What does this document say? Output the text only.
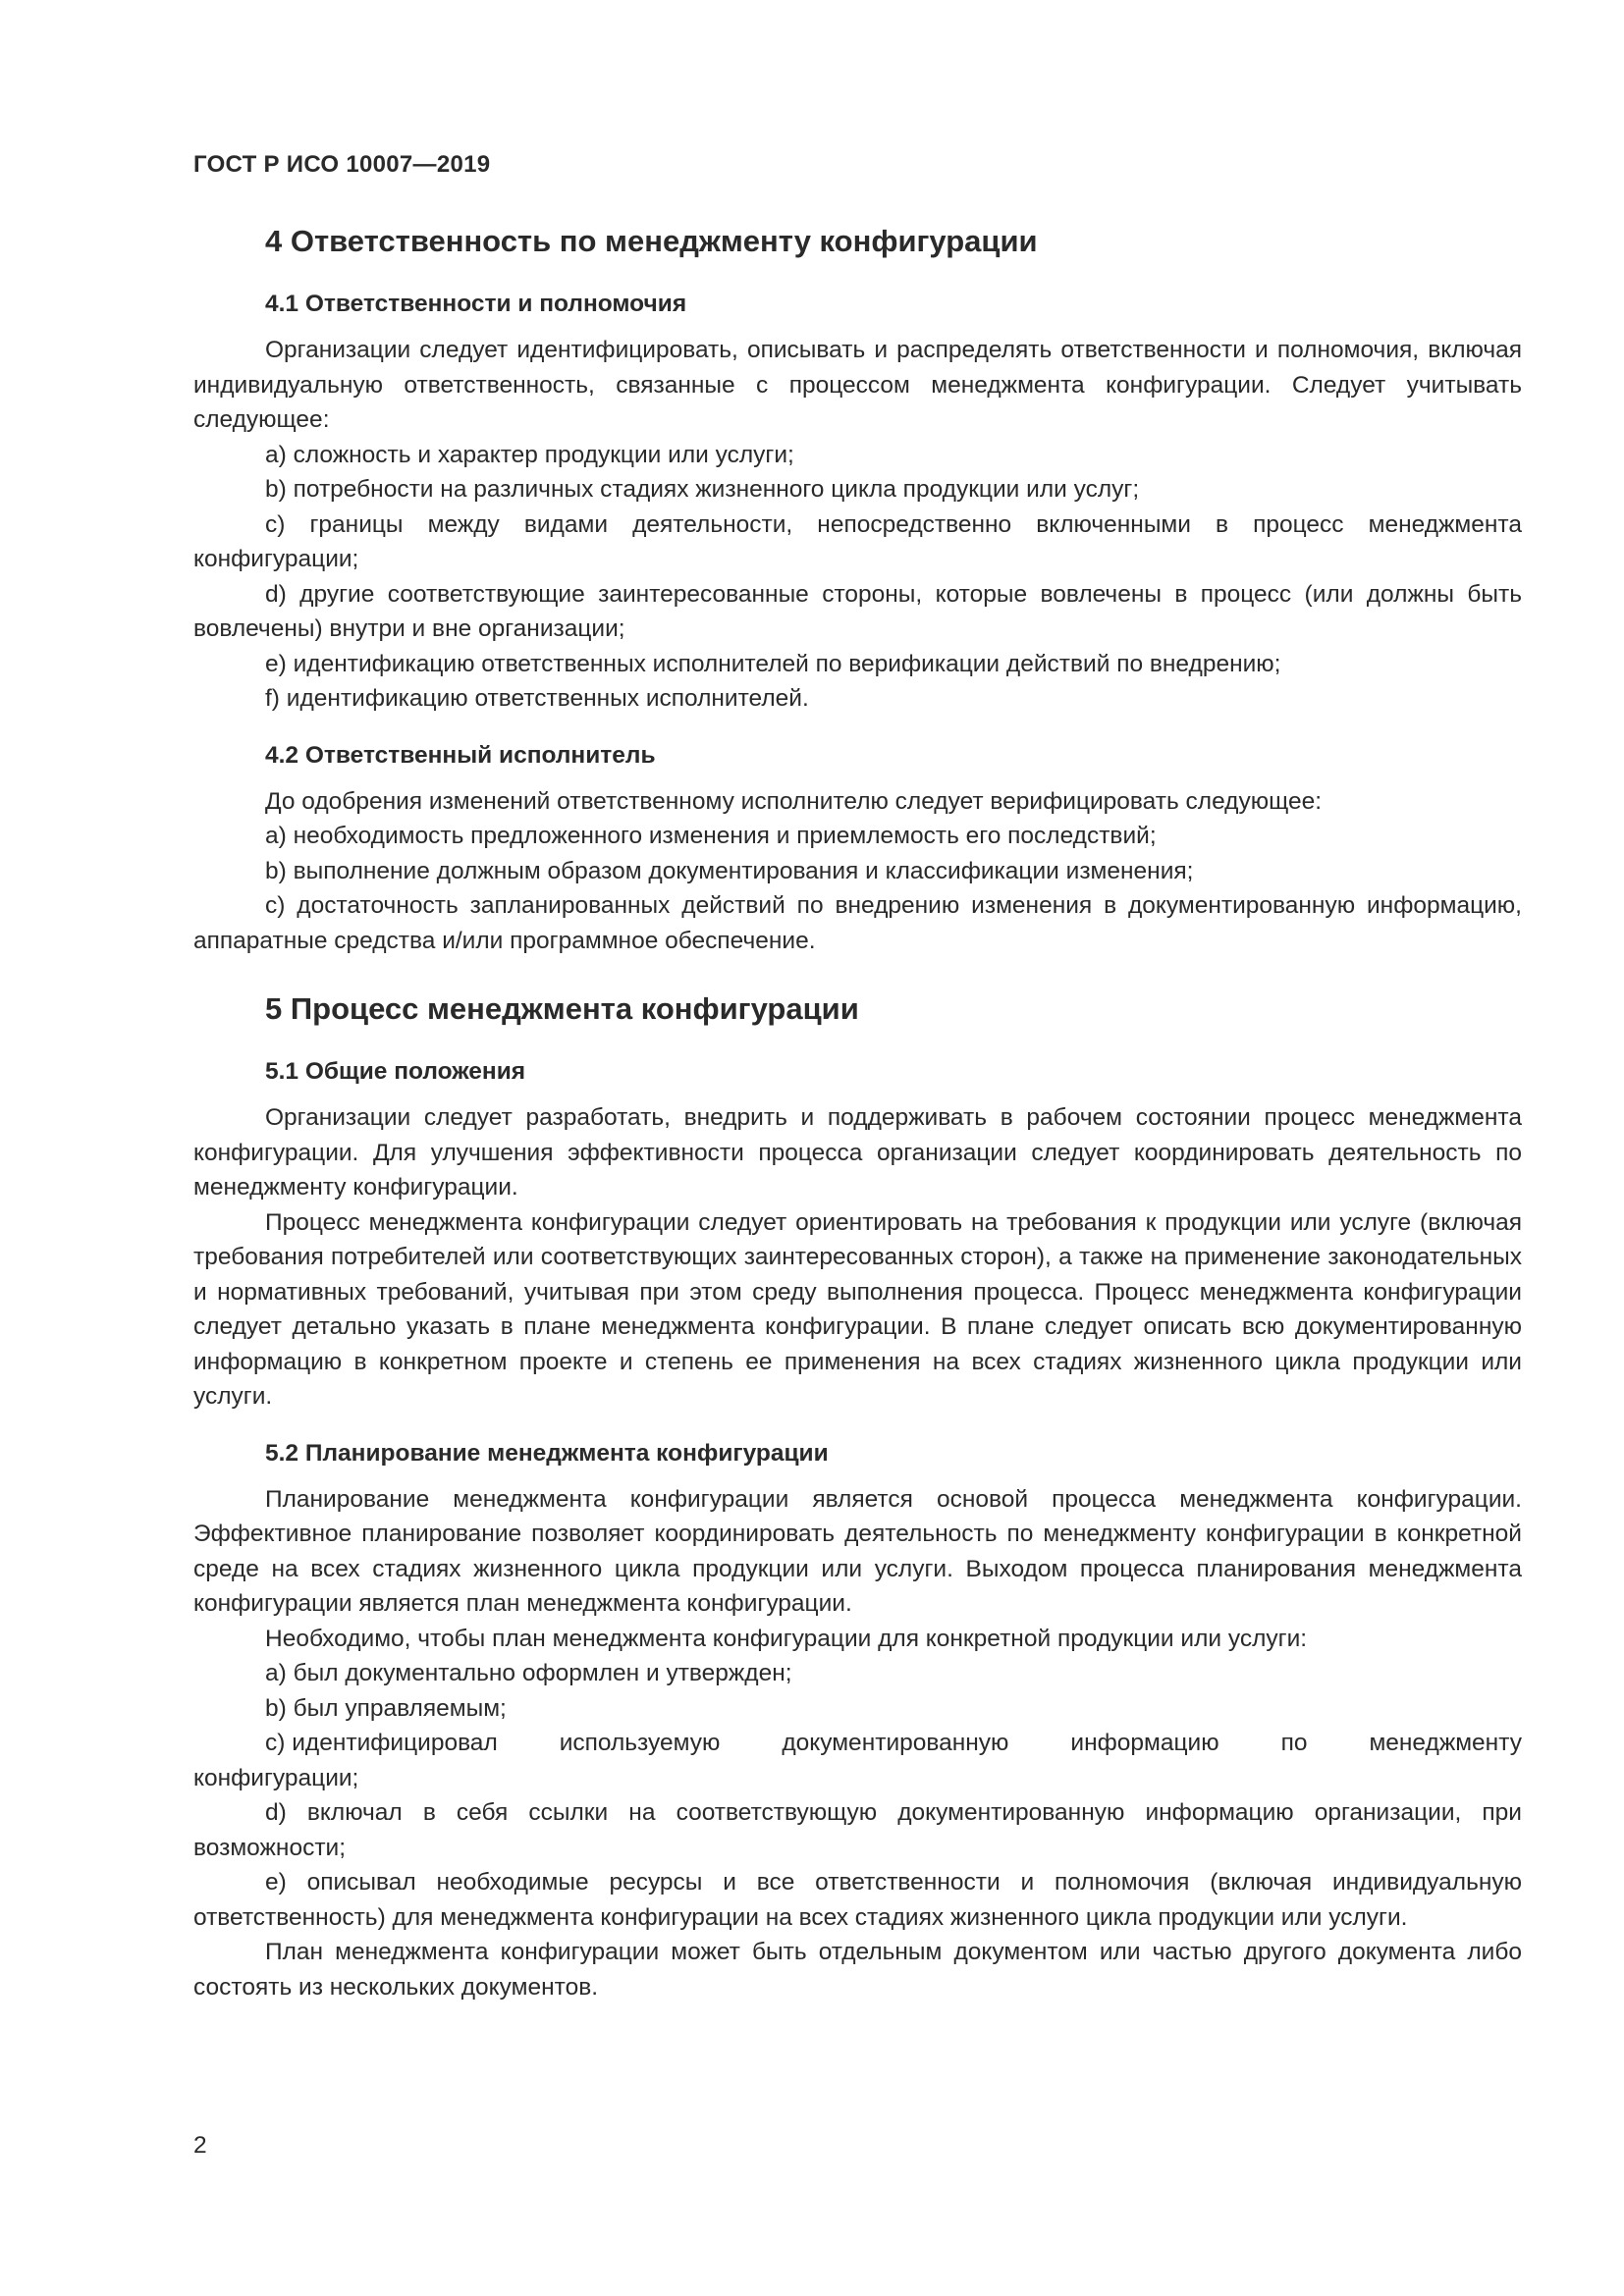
ГОСТ Р ИСО 10007—2019
4 Ответственность по менеджменту конфигурации
4.1 Ответственности и полномочия

Организации следует идентифицировать, описывать и распределять ответственности и полномочия, включая индивидуальную ответственность, связанные с процессом менеджмента конфигурации. Следует учитывать следующее:

a) сложность и характер продукции или услуги;

b) потребности на различных стадиях жизненного цикла продукции или услуг;

c) границы между видами деятельности, непосредственно включенными в процесс менеджмента конфигурации;

d) другие соответствующие заинтересованные стороны, которые вовлечены в процесс (или должны быть вовлечены) внутри и вне организации;

e) идентификацию ответственных исполнителей по верификации действий по внедрению;

f) идентификацию ответственных исполнителей.

4.2 Ответственный исполнитель

До одобрения изменений ответственному исполнителю следует верифицировать следующее:

a) необходимость предложенного изменения и приемлемость его последствий;

b) выполнение должным образом документирования и классификации изменения;

c) достаточность запланированных действий по внедрению изменения в документированную информацию, аппаратные средства и/или программное обеспечение.

5 Процесс менеджмента конфигурации
5.1 Общие положения

Организации следует разработать, внедрить и поддерживать в рабочем состоянии процесс менеджмента конфигурации. Для улучшения эффективности процесса организации следует координировать деятельность по менеджменту конфигурации.

Процесс менеджмента конфигурации следует ориентировать на требования к продукции или услуге (включая требования потребителей или соответствующих заинтересованных сторон), а также на применение законодательных и нормативных требований, учитывая при этом среду выполнения процесса. Процесс менеджмента конфигурации следует детально указать в плане менеджмента конфигурации. В плане следует описать всю документированную информацию в конкретном проекте и степень ее применения на всех стадиях жизненного цикла продукции или услуги.

5.2 Планирование менеджмента конфигурации

Планирование менеджмента конфигурации является основой процесса менеджмента конфигурации. Эффективное планирование позволяет координировать деятельность по менеджменту конфигурации в конкретной среде на всех стадиях жизненного цикла продукции или услуги. Выходом процесса планирования менеджмента конфигурации является план менеджмента конфигурации.

Необходимо, чтобы план менеджмента конфигурации для конкретной продукции или услуги:

a) был документально оформлен и утвержден;

b) был управляемым;

c) идентифицировал	используемую	документированную	информацию	по	менеджменту

конфигурации;

d) включал в себя ссылки на соответствующую документированную информацию организации, при возможности;

e) описывал необходимые ресурсы и все ответственности и полномочия (включая индивидуальную ответственность) для менеджмента конфигурации на всех стадиях жизненного цикла продукции или услуги.

План менеджмента конфигурации может быть отдельным документом или частью другого документа либо состоять из нескольких документов.

2
